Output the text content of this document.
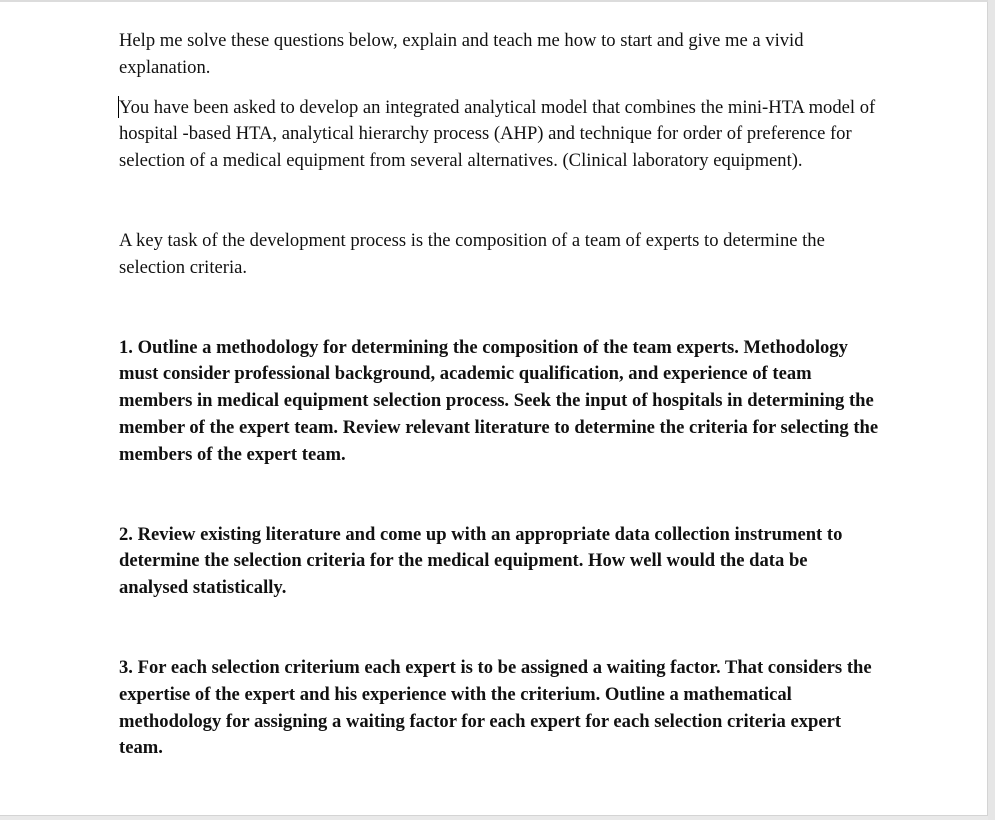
Help me solve these questions below, explain and teach me how to start and give me a vivid explanation.

You have been asked to develop an integrated analytical model that combines the mini-HTA model of hospital -based HTA, analytical hierarchy process (AHP) and technique for order of preference for selection of a medical equipment from several alternatives. (Clinical laboratory equipment).

A key task of the development process is the composition of a team of experts to determine the selection criteria.

1. Outline a methodology for determining the composition of the team experts. Methodology must consider professional background, academic qualification, and experience of team members in medical equipment selection process. Seek the input of hospitals in determining the member of the expert team. Review relevant literature to determine the criteria for selecting the members of the expert team.

2. Review existing literature and come up with an appropriate data collection instrument to determine the selection criteria for the medical equipment. How well would the data be analysed statistically.

3. For each selection criterium each expert is to be assigned a waiting factor. That considers the expertise of the expert and his experience with the criterium. Outline a mathematical methodology for assigning a waiting factor for each expert for each selection criteria expert team.
